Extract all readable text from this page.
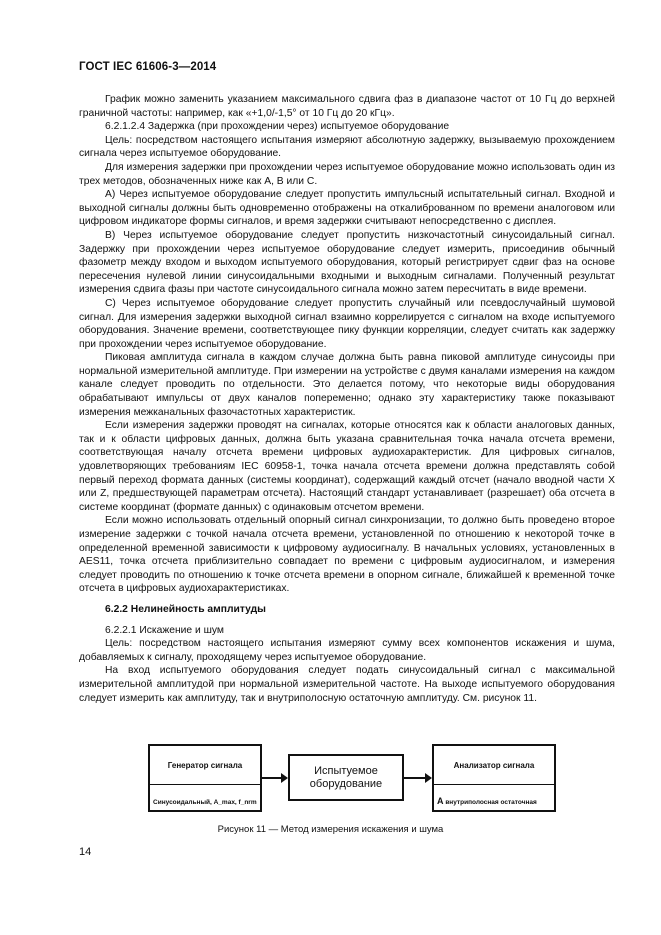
ГОСТ IEC 61606-3—2014

График можно заменить указанием максимального сдвига фаз в диапазоне частот от 10 Гц до верхней граничной частоты: например, как «+1,0/-1,5° от 10 Гц до 20 кГц».

6.2.1.2.4 Задержка (при прохождении через) испытуемое оборудование

Цель: посредством настоящего испытания измеряют абсолютную задержку, вызываемую прохождением сигнала через испытуемое оборудование.

Для измерения задержки при прохождении через испытуемое оборудование можно использовать один из трех методов, обозначенных ниже как А, В или С.

А) Через испытуемое оборудование следует пропустить импульсный испытательный сигнал. Входной и выходной сигналы должны быть одновременно отображены на откалиброванном по времени аналоговом или цифровом индикаторе формы сигналов, и время задержки считывают непосредственно с дисплея.

В) Через испытуемое оборудование следует пропустить низкочастотный синусоидальный сигнал. Задержку при прохождении через испытуемое оборудование следует измерить, присоединив обычный фазометр между входом и выходом испытуемого оборудования, который регистрирует сдвиг фаз на основе пересечения нулевой линии синусоидальными входными и выходным сигналами. Полученный результат измерения сдвига фазы при частоте синусоидального сигнала можно затем пересчитать в виде времени.

С) Через испытуемое оборудование следует пропустить случайный или псевдослучайный шумовой сигнал. Для измерения задержки выходной сигнал взаимно коррелируется с сигналом на входе испытуемого оборудования. Значение времени, соответствующее пику функции корреляции, следует считать как задержку при прохождении через испытуемое оборудование.

Пиковая амплитуда сигнала в каждом случае должна быть равна пиковой амплитуде синусоиды при нормальной измерительной амплитуде. При измерении на устройстве с двумя каналами измерения на каждом канале следует проводить по отдельности. Это делается потому, что некоторые виды оборудования обрабатывают импульсы от двух каналов попеременно; однако эту характеристику также показывают измерения межканальных фазочастотных характеристик.

Если измерения задержки проводят на сигналах, которые относятся как к области аналоговых данных, так и к области цифровых данных, должна быть указана сравнительная точка начала отсчета времени, соответствующая началу отсчета времени цифровых аудиохарактеристик. Для цифровых сигналов, удовлетворяющих требованиям IEC 60958-1, точка начала отсчета времени должна представлять собой первый переход формата данных (системы координат), содержащий каждый отсчет (начало вводной части X или Z, предшествующей параметрам отсчета). Настоящий стандарт устанавливает (разрешает) оба отсчета в системе координат (формате данных) с одинаковым отсчетом времени.

Если можно использовать отдельный опорный сигнал синхронизации, то должно быть проведено второе измерение задержки с точкой начала отсчета времени, установленной по отношению к некоторой точке в определенной временной зависимости к цифровому аудиосигналу. В начальных условиях, установленных в AES11, точка отсчета приблизительно совпадает по времени с цифровым аудиосигналом, и измерения следует проводить по отношению к точке отсчета времени в опорном сигнале, ближайшей к временной точке отсчета в цифровых аудиохарактеристиках.

6.2.2 Нелинейность амплитуды

6.2.2.1 Искажение и шум

Цель: посредством настоящего испытания измеряют сумму всех компонентов искажения и шума, добавляемых к сигналу, проходящему через испытуемое оборудование.

На вход испытуемого оборудования следует подать синусоидальный сигнал с максимальной измерительной амплитудой при нормальной измерительной частоте. На выходе испытуемого оборудования следует измерить как амплитуду, так и внутриполосную остаточную амплитуду. См. рисунок 11.

Генератор сигнала
Синусоидальный, A_max, f_nrm
Испытуемое оборудование
Анализатор сигнала
A внутриполосная остаточная
Рисунок 11 — Метод измерения искажения и шума
14
